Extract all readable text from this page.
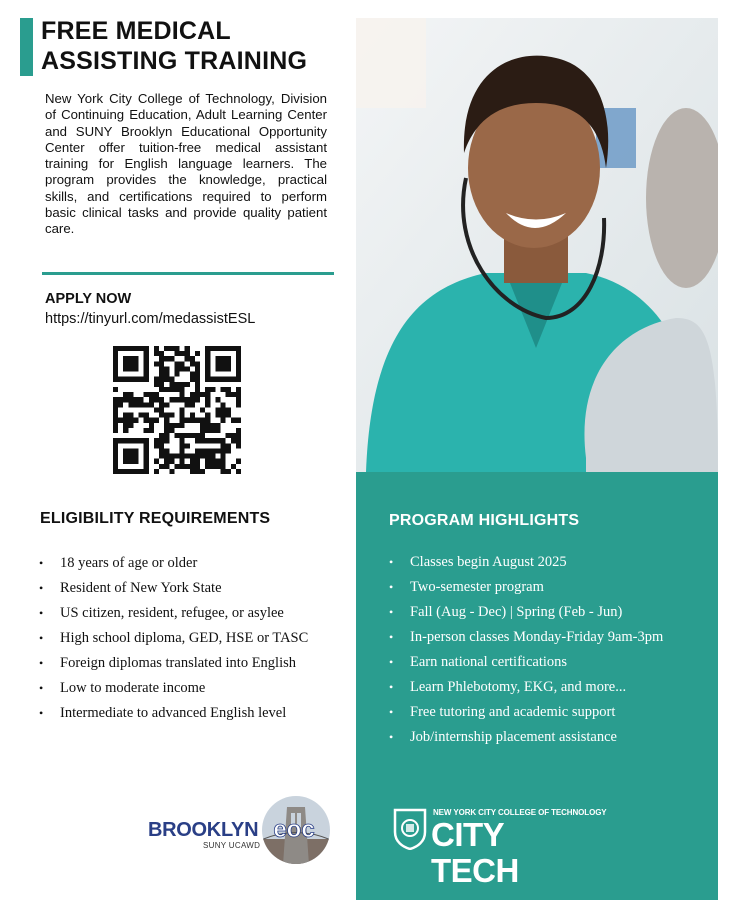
FREE MEDICAL
ASSISTING TRAINING

New York City College of Technology, Division of Continuing Education, Adult Learning Center and SUNY Brooklyn Educational Opportunity Center offer tuition-free medical assistant training for English language learners. The program provides the knowledge, practical skills, and certifications required to perform basic clinical tasks and provide quality patient care.

APPLY NOW
https://tinyurl.com/medassistESL
ELIGIBILITY REQUIREMENTS
• 18 years of age or older
• Resident of New York State
• US citizen, resident, refugee, or asylee
• High school diploma, GED, HSE or TASC
• Foreign diplomas translated into English
• Low to moderate income
• Intermediate to advanced English level
PROGRAM HIGHLIGHTS
• Classes begin August 2025
• Two-semester program
• Fall (Aug - Dec) | Spring (Feb - Jun)
• In-person classes Monday-Friday 9am-3pm
• Earn national certifications
• Learn Phlebotomy, EKG, and more...
• Free tutoring and academic support
• Job/internship placement assistance
BROOKLYN
SUNY UCAWD
eoc
NEW YORK CITY COLLEGE OF TECHNOLOGY
CITY TECH
